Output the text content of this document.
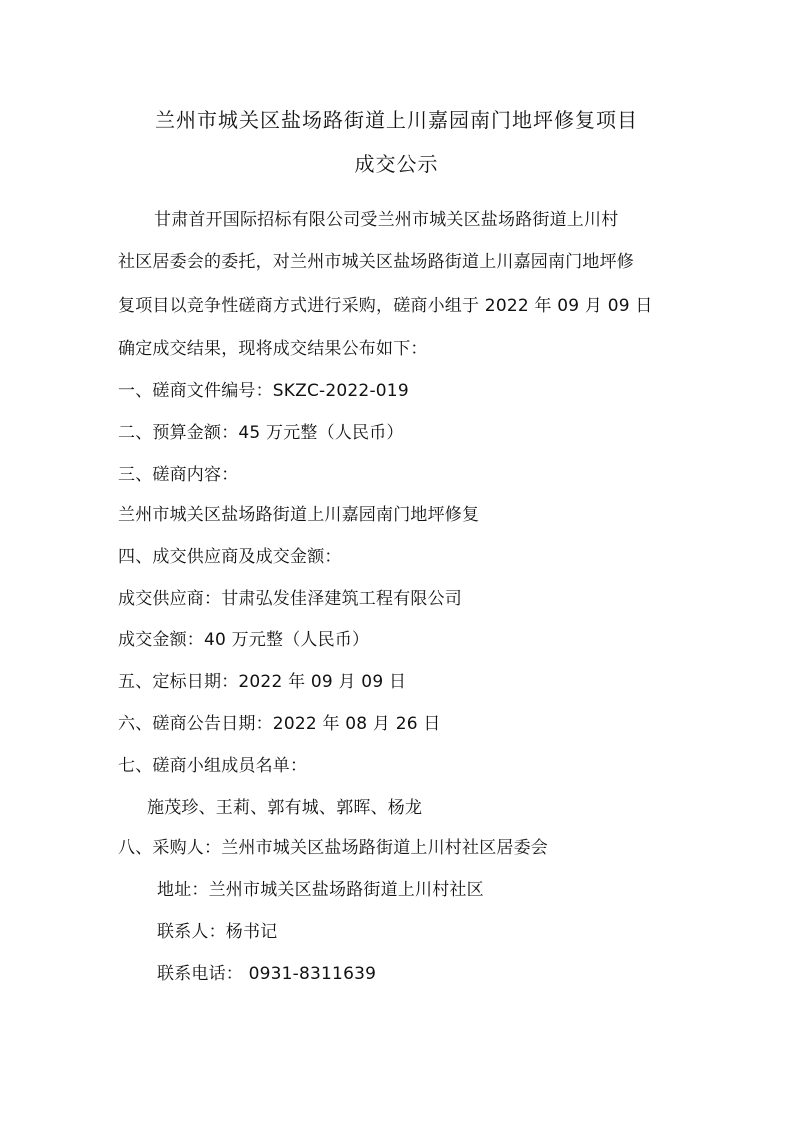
兰州市城关区盐场路街道上川嘉园南门地坪修复项目
成交公示
甘肃首开国际招标有限公司受兰州市城关区盐场路街道上川村
社区居委会的委托，对兰州市城关区盐场路街道上川嘉园南门地坪修
复项目以竞争性磋商方式进行采购，磋商小组于 2022 年 09 月 09 日
确定成交结果，现将成交结果公布如下：
一、磋商文件编号：SKZC-2022-019
二、预算金额：45 万元整（人民币）
三、磋商内容：
兰州市城关区盐场路街道上川嘉园南门地坪修复
四、成交供应商及成交金额：
成交供应商：甘肃弘发佳泽建筑工程有限公司
成交金额：40 万元整（人民币）
五、定标日期：2022 年 09 月 09 日
六、磋商公告日期：2022 年 08 月 26 日
七、磋商小组成员名单：
施茂珍、王莉、郭有城、郭晖、杨龙
八、采购人：兰州市城关区盐场路街道上川村社区居委会
地址：兰州市城关区盐场路街道上川村社区
联系人：杨书记
联系电话： 0931-8311639
